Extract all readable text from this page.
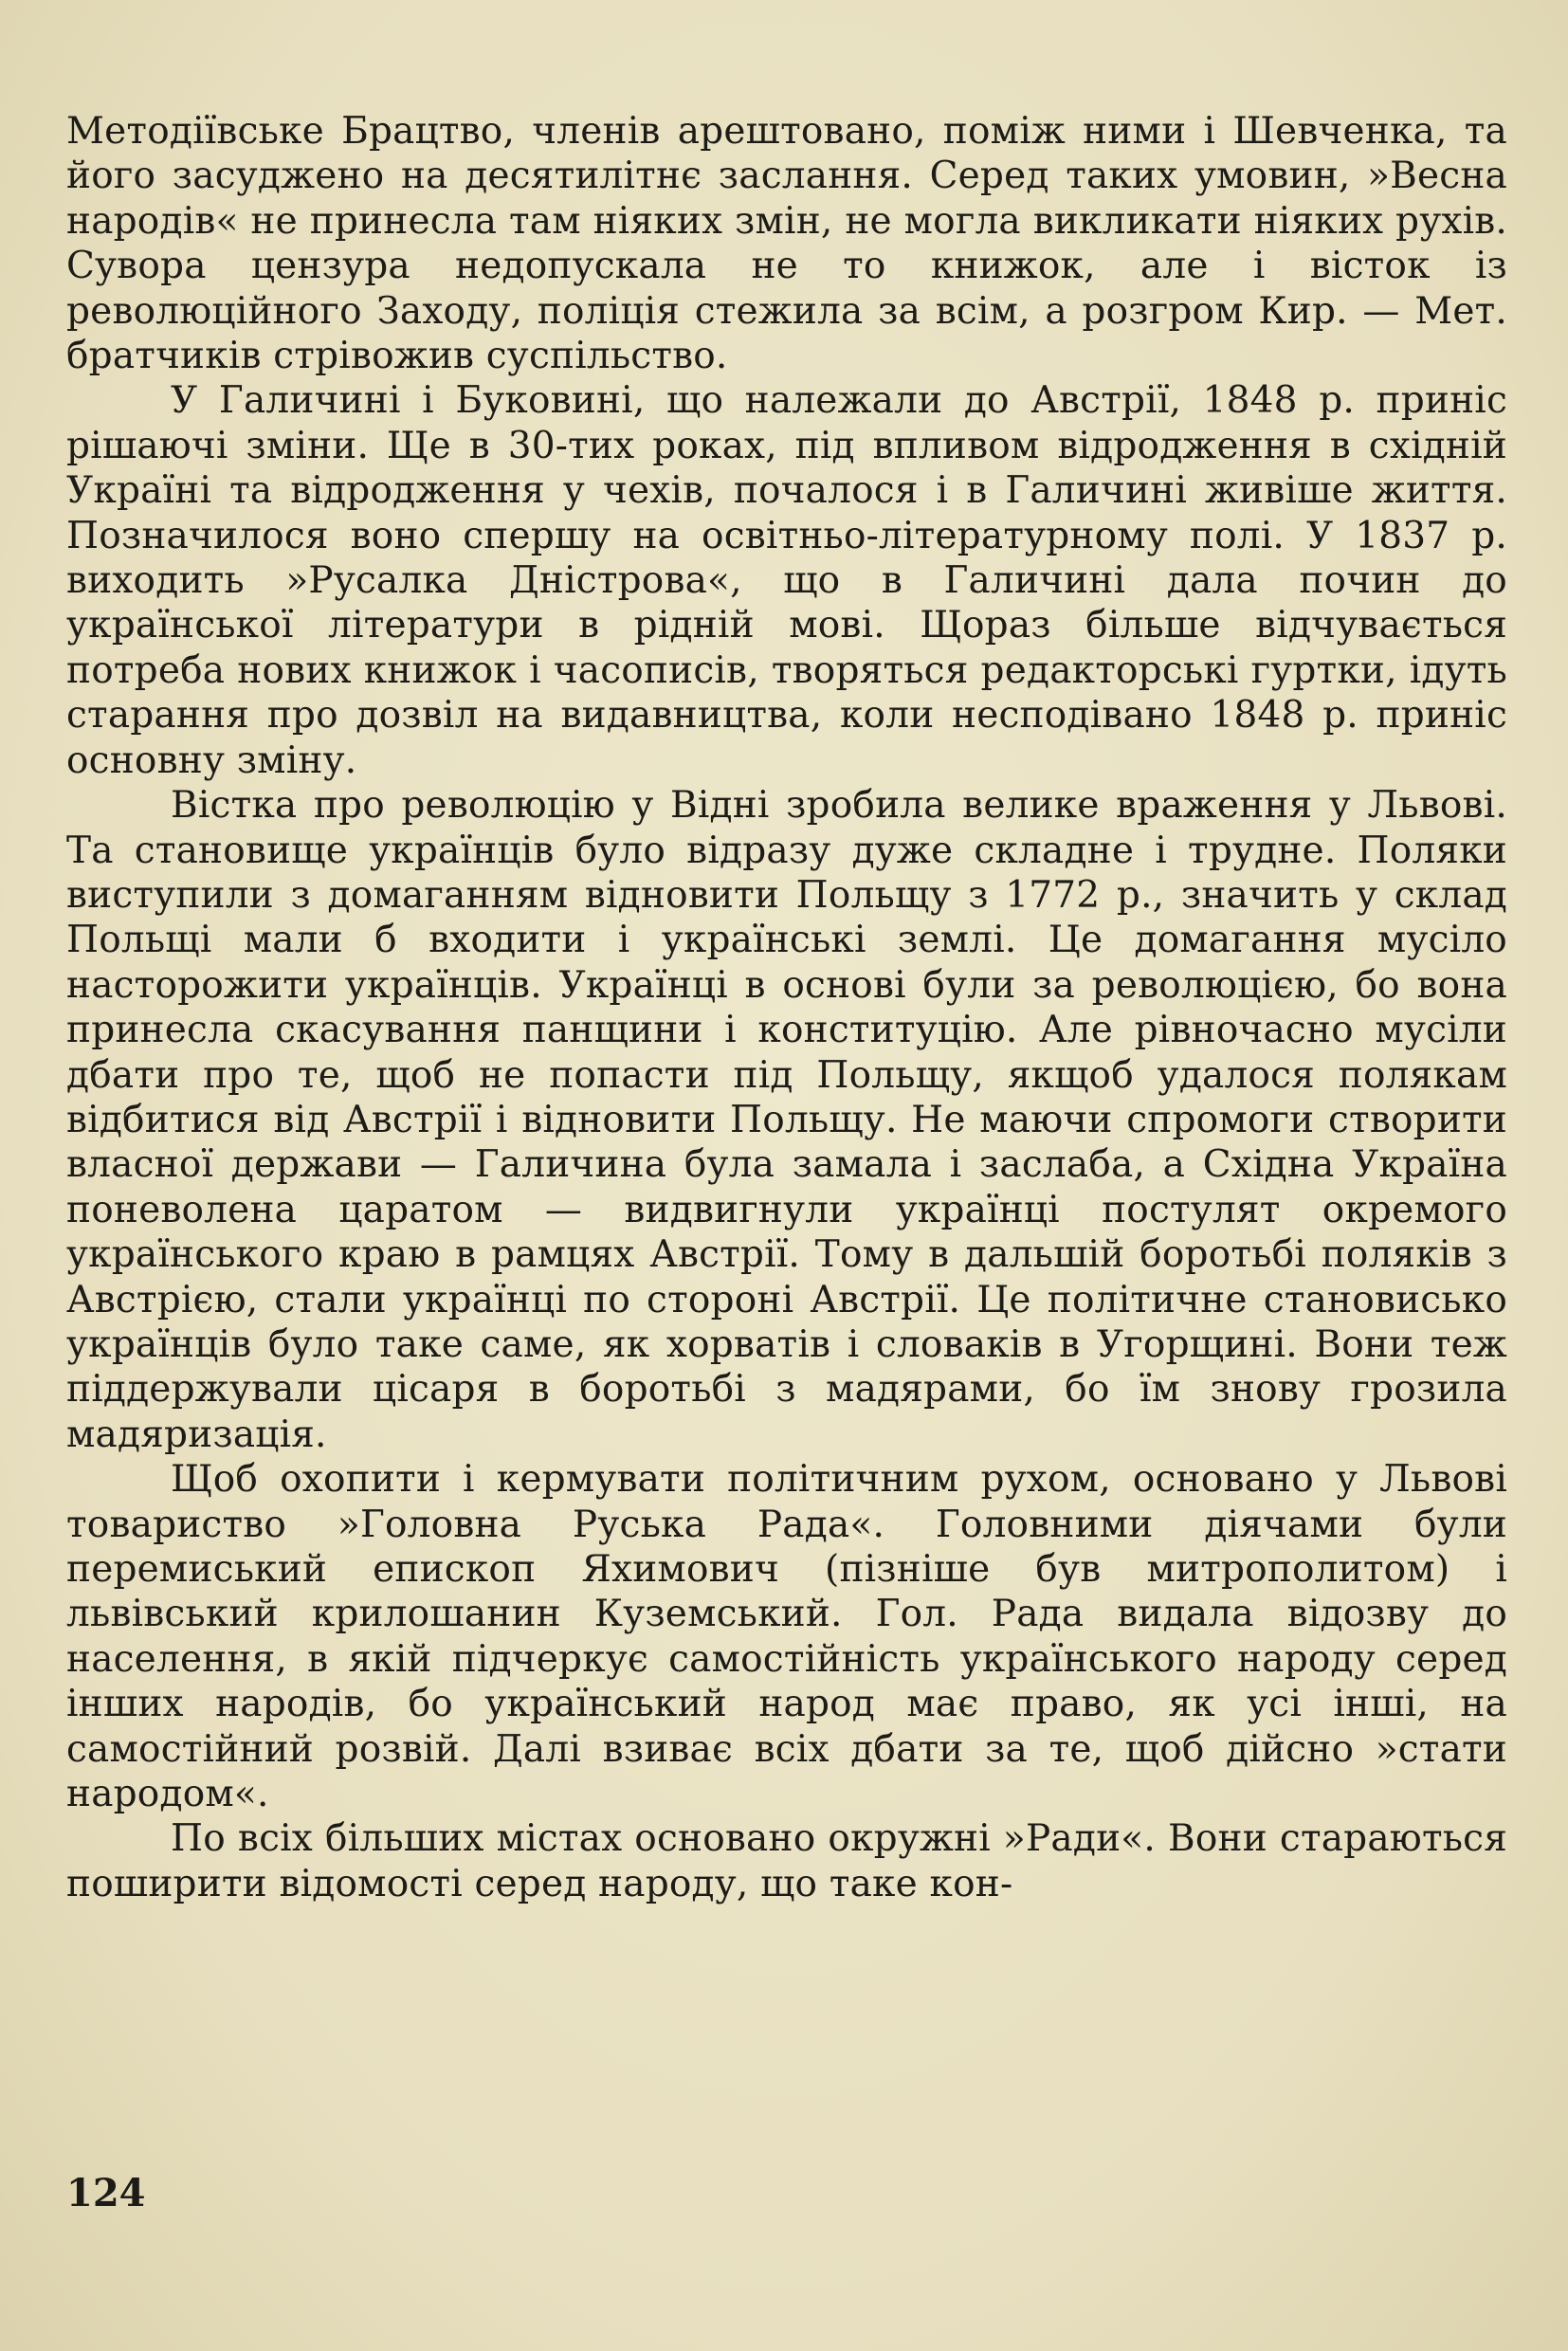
Методіївське Брацтво, членів арештовано, поміж ними і Шевченка, та його засуджено на десятилітнє заслання. Серед таких умовин, »Весна народів« не принесла там ніяких змін, не могла викликати ніяких рухів. Сувора цензура недопускала не то книжок, але і вісток із революційного Заходу, поліція стежила за всім, а розгром Кир. — Мет. братчиків стрівожив суспільство.

У Галичині і Буковині, що належали до Австрії, 1848 р. приніс рішаючі зміни. Ще в 30-тих роках, під впливом відродження в східній Україні та відродження у чехів, почалося і в Галичині живіше життя. Позначилося воно спершу на освітньо-літературному полі. У 1837 р. виходить »Русалка Дністрова«, що в Галичині дала почин до української літератури в рідній мові. Щораз більше відчувається потреба нових книжок і часописів, творяться редакторські гуртки, ідуть старання про дозвіл на видавництва, коли несподівано 1848 р. приніс основну зміну.

Вістка про революцію у Відні зробила велике враження у Львові. Та становище українців було відразу дуже складне і трудне. Поляки виступили з домаганням відновити Польщу з 1772 р., значить у склад Польщі мали б входити і українські землі. Це домагання мусіло насторожити українців. Українці в основі були за революцією, бо вона принесла скасування панщини і конституцію. Але рівночасно мусіли дбати про те, щоб не попасти під Польщу, якщоб удалося полякам відбитися від Австрії і відновити Польщу. Не маючи спромоги створити власної держави — Галичина була замала і заслаба, а Східна Україна поневолена царатом — видвигнули українці постулят окремого українського краю в рамцях Австрії. Тому в дальшій боротьбі поляків з Австрією, стали українці по стороні Австрії. Це політичне становисько українців було таке саме, як хорватів і словаків в Угорщині. Вони теж піддержували цісаря в боротьбі з мадярами, бо їм знову грозила мадяризація.

Щоб охопити і кермувати політичним рухом, основано у Львові товариство »Головна Руська Рада«. Головними діячами були перемиський епископ Яхимович (пізніше був митрополитом) і львівський крилошанин Куземський. Гол. Рада видала відозву до населення, в якій підчеркує самостійність українського народу серед інших народів, бо український народ має право, як усі інші, на самостійний розвій. Далі взиває всіх дбати за те, щоб дійсно »стати народом«.

По всіх більших містах основано окружні »Ради«. Вони стараються поширити відомості серед народу, що таке кон-

124
